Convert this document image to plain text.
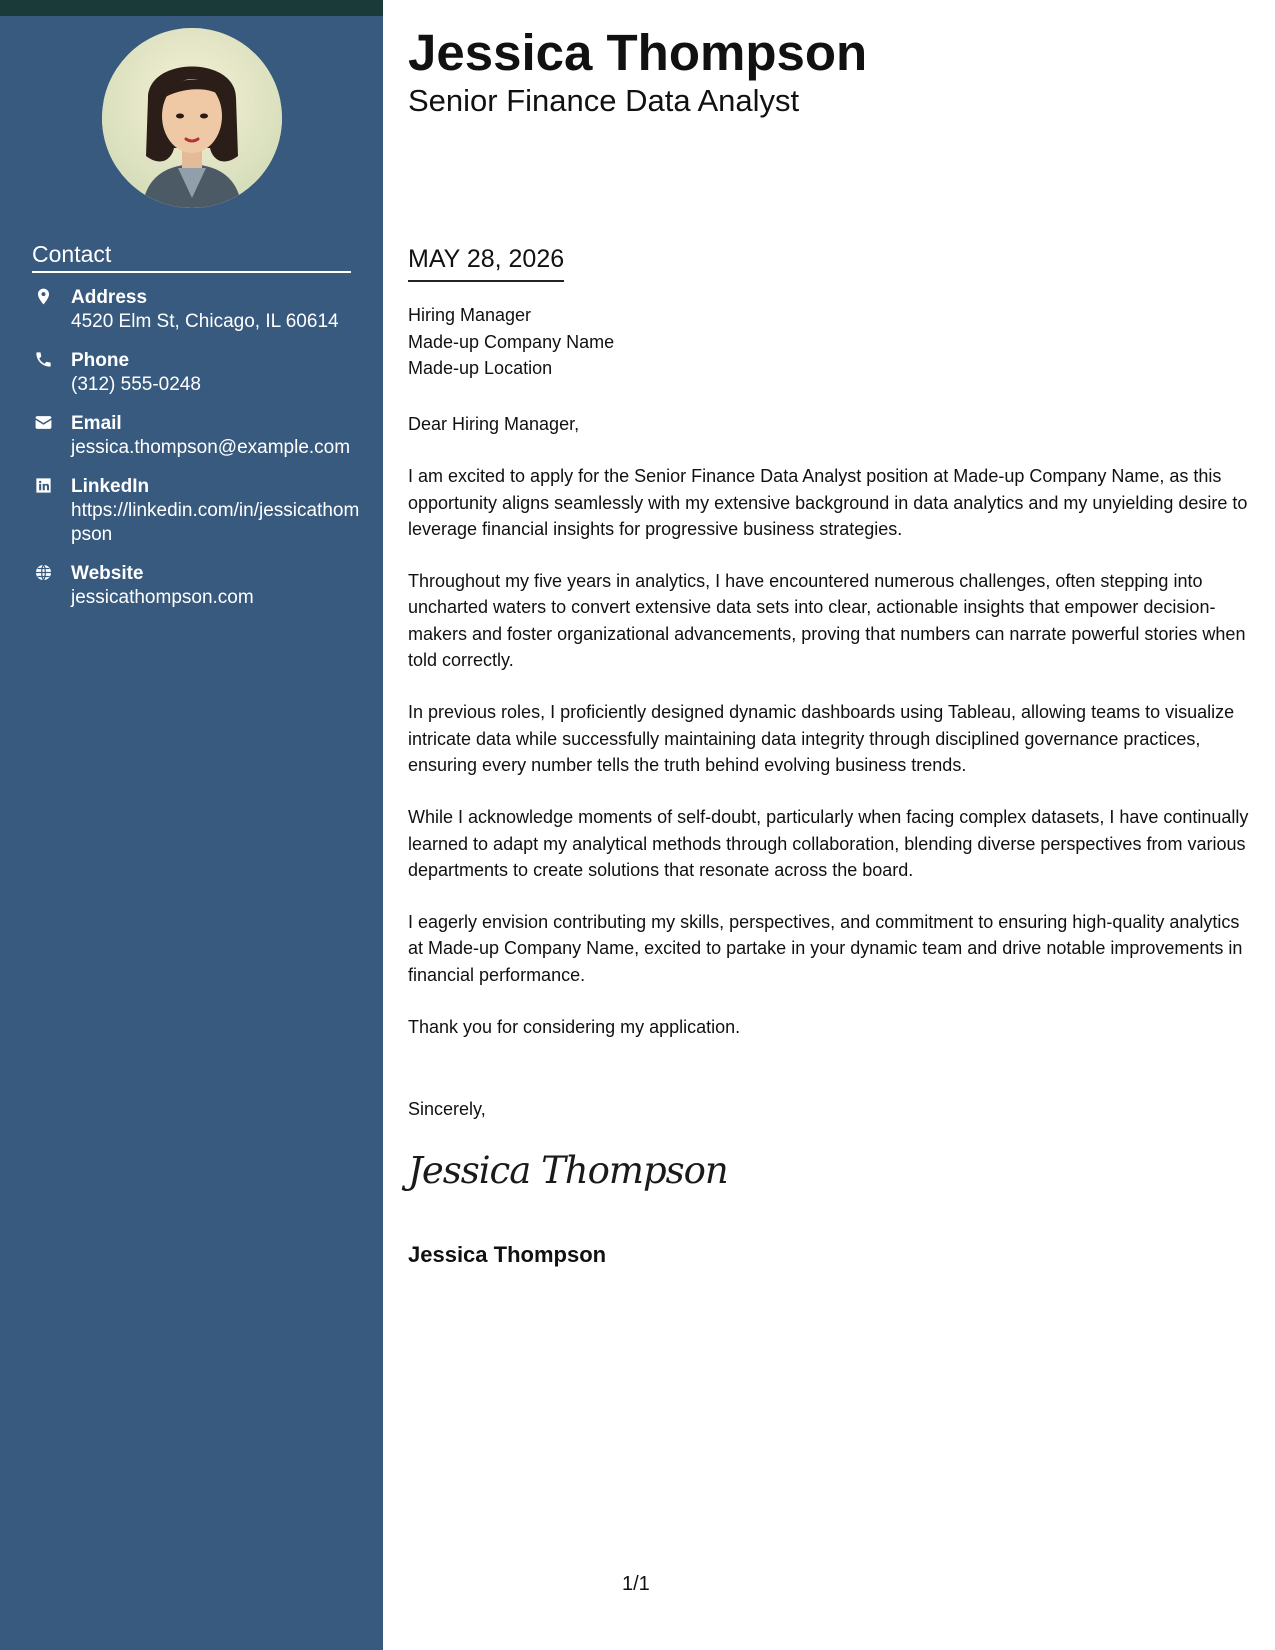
Contact
Address
4520 Elm St, Chicago, IL 60614
Phone
(312) 555-0248
Email
jessica.thompson@example.com
LinkedIn
https://linkedin.com/in/jessicathompson
Website
jessicathompson.com
Jessica Thompson
Senior Finance Data Analyst
MAY 28, 2026
Hiring Manager
Made-up Company Name
Made-up Location

Dear Hiring Manager,

I am excited to apply for the Senior Finance Data Analyst position at Made-up Company Name, as this opportunity aligns seamlessly with my extensive background in data analytics and my unyielding desire to leverage financial insights for progressive business strategies.

Throughout my five years in analytics, I have encountered numerous challenges, often stepping into uncharted waters to convert extensive data sets into clear, actionable insights that empower decision-makers and foster organizational advancements, proving that numbers can narrate powerful stories when told correctly.

In previous roles, I proficiently designed dynamic dashboards using Tableau, allowing teams to visualize intricate data while successfully maintaining data integrity through disciplined governance practices, ensuring every number tells the truth behind evolving business trends.

While I acknowledge moments of self-doubt, particularly when facing complex datasets, I have continually learned to adapt my analytical methods through collaboration, blending diverse perspectives from various departments to create solutions that resonate across the board.

I eagerly envision contributing my skills, perspectives, and commitment to ensuring high-quality analytics at Made-up Company Name, excited to partake in your dynamic team and drive notable improvements in financial performance.

Thank you for considering my application.

Sincerely,
Jessica Thompson
Jessica Thompson
1/1
